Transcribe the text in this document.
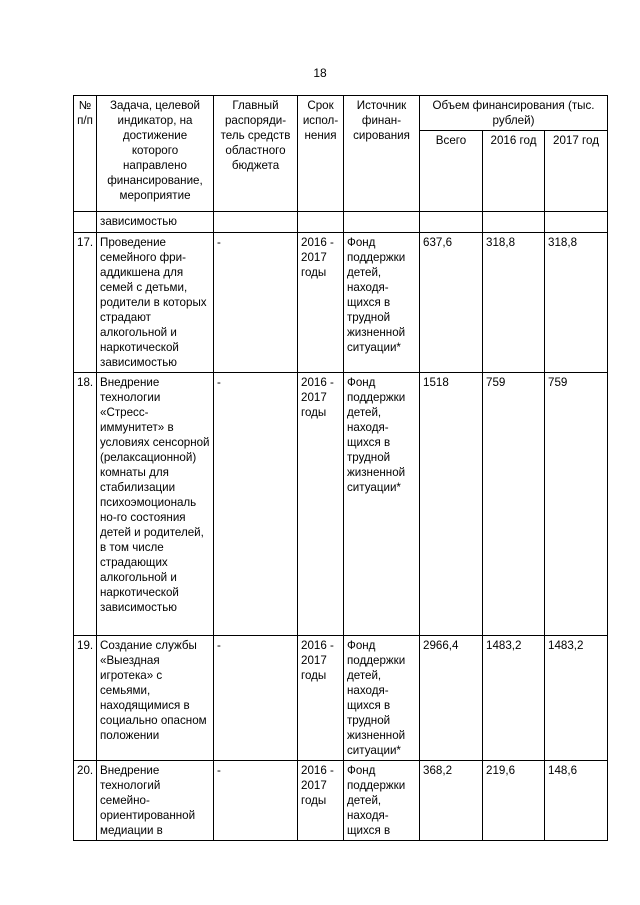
18
№ п/п	Задача, целевой индикатор, на достижение которого направлено финансирование, мероприятие	Главный распоряди-тель средств областного бюджета	Срок испол-нения	Источник финан-сирования	Объем финансирования (тыс. рублей)		
					Всего	2016 год	2017 год
	зависимостью						
17.	Проведение семейного фри-аддикшена для семей с детьми, родители в которых страдают алкогольной и наркотической зависимостью	-	2016 - 2017 годы	Фонд поддержки детей, находя-щихся в трудной жизненной ситуации*	637,6	318,8	318,8
18.	Внедрение технологии «Стресс-иммунитет» в условиях сенсорной (релаксационной) комнаты для стабилизации психоэмоциональ но-го состояния детей и родителей, в том числе страдающих алкогольной и наркотической зависимостью	-	2016 - 2017 годы	Фонд поддержки детей, находя-щихся в трудной жизненной ситуации*	1518	759	759
19.	Создание службы «Выездная игротека» с семьями, находящимися в социально опасном положении	-	2016 - 2017 годы	Фонд поддержки детей, находя-щихся в трудной жизненной ситуации*	2966,4	1483,2	1483,2
20.	Внедрение технологий семейно-ориентированной медиации в	-	2016 - 2017 годы	Фонд поддержки детей, находя-щихся в	368,2	219,6	148,6
